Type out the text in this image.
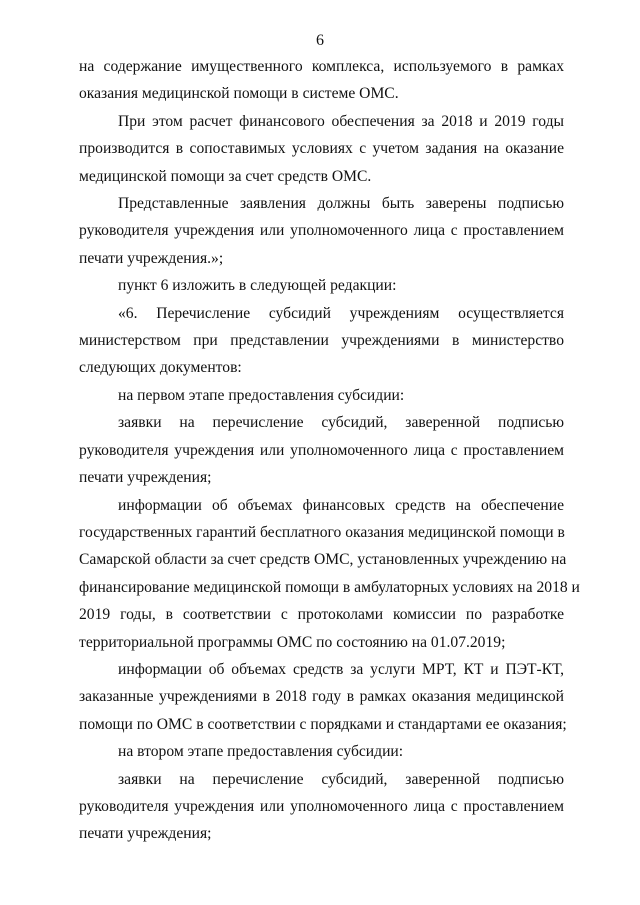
6

на содержание имущественного комплекса, используемого в рамках
оказания медицинской помощи в системе ОМС.

При этом расчет финансового обеспечения за 2018 и 2019 годы
производится в сопоставимых условиях с учетом задания на оказание
медицинской помощи за счет средств ОМС.

Представленные заявления должны быть заверены подписью
руководителя учреждения или уполномоченного лица с проставлением
печати учреждения.»;

пункт 6 изложить в следующей редакции:

«6. Перечисление субсидий учреждениям осуществляется
министерством при представлении учреждениями в министерство
следующих документов:

на первом этапе предоставления субсидии:

заявки на перечисление субсидий, заверенной подписью
руководителя учреждения или уполномоченного лица с проставлением
печати учреждения;

информации об объемах финансовых средств на обеспечение
государственных гарантий бесплатного оказания медицинской помощи в
Самарской области за счет средств ОМС, установленных учреждению на
финансирование медицинской помощи в амбулаторных условиях на 2018 и
2019 годы, в соответствии с протоколами комиссии по разработке
территориальной программы ОМС по состоянию на 01.07.2019;

информации об объемах средств за услуги МРТ, КТ и ПЭТ-КТ,
заказанные учреждениями в 2018 году в рамках оказания медицинской
помощи по ОМС в соответствии с порядками и стандартами ее оказания;

на втором этапе предоставления субсидии:

заявки на перечисление субсидий, заверенной подписью
руководителя учреждения или уполномоченного лица с проставлением
печати учреждения;
